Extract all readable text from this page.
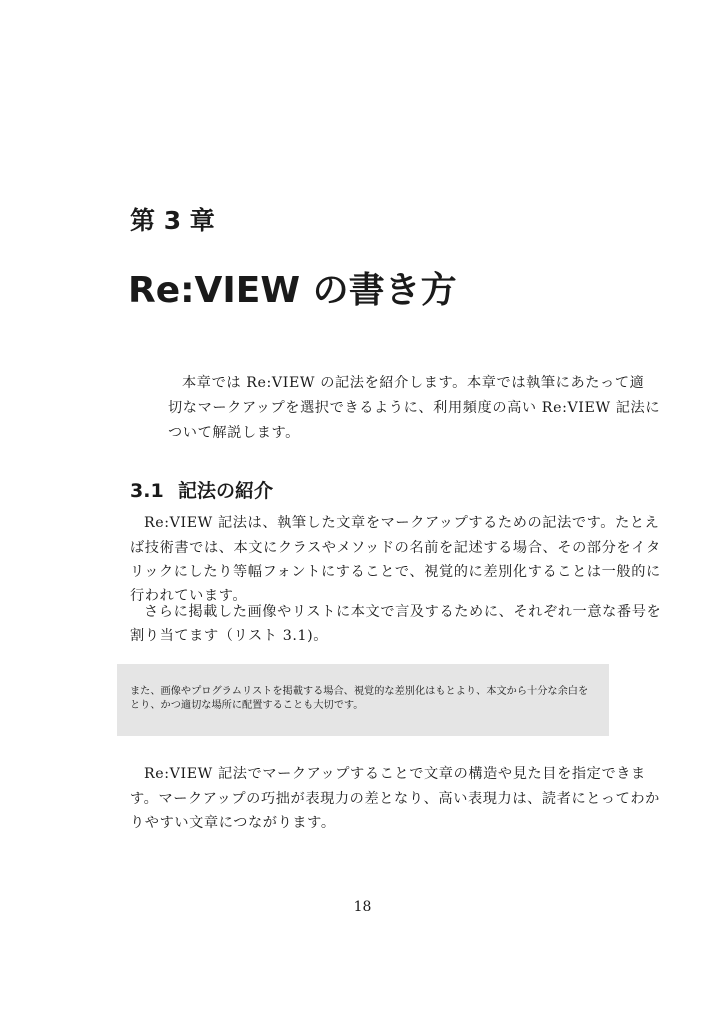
第 3 章
Re:VIEW の書き方
本章では Re:VIEW の記法を紹介します。本章では執筆にあたって適
切なマークアップを選択できるように、利用頻度の高い Re:VIEW 記法に
ついて解説します。
3.1 記法の紹介
Re:VIEW 記法は、執筆した文章をマークアップするための記法です。たとえ
ば技術書では、本文にクラスやメソッドの名前を記述する場合、その部分をイタ
リックにしたり等幅フォントにすることで、視覚的に差別化することは一般的に
行われています。
さらに掲載した画像やリストに本文で言及するために、それぞれ一意な番号を
割り当てます（リスト 3.1)。
また、画像やプログラムリストを掲載する場合、視覚的な差別化はもとより、本文から十分な余白を
とり、かつ適切な場所に配置することも大切です。
Re:VIEW 記法でマークアップすることで文章の構造や見た目を指定できま
す。マークアップの巧拙が表現力の差となり、高い表現力は、読者にとってわか
りやすい文章につながります。
18
